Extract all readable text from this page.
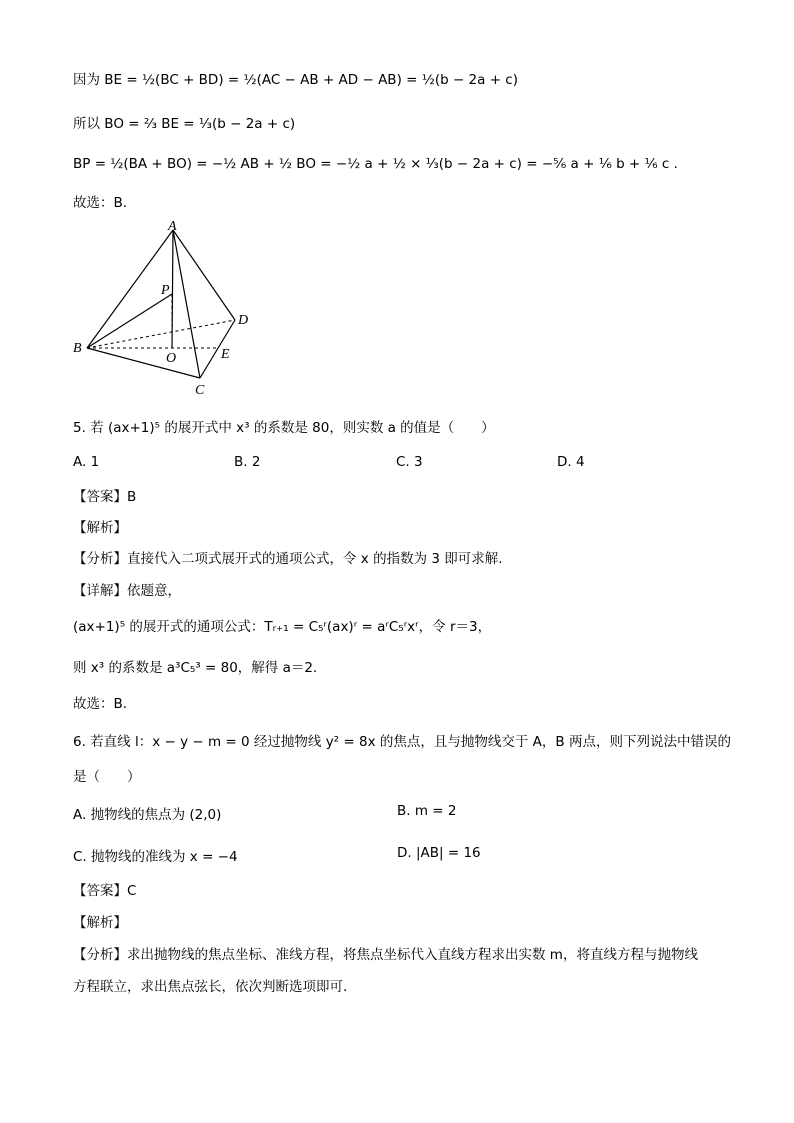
因为 BE = ½(BC + BD) = ½(AC − AB + AD − AB) = ½(b − 2a + c)
所以 BO = ⅔ BE = ⅓(b − 2a + c)
BP = ½(BA + BO) = −½ AB + ½ BO = −½ a + ½ × ⅓(b − 2a + c) = −⅚ a + ⅙ b + ⅙ c .
故选：B.
A
P
D
B
O	E
C
5. 若 (ax+1)⁵ 的展开式中 x³ 的系数是 80，则实数 a 的值是（　　）
A. 1	B. 2	C. 3	D. 4
【答案】B
【解析】
【分析】直接代入二项式展开式的通项公式，令 x 的指数为 3 即可求解.
【详解】依题意，
(ax+1)⁵ 的展开式的通项公式：Tᵣ₊₁ = C₅ʳ(ax)ʳ = aʳC₅ʳxʳ，令 r＝3，
则 x³ 的系数是 a³C₅³ = 80，解得 a＝2.
故选：B.
6. 若直线 l：x − y − m = 0 经过抛物线 y² = 8x 的焦点，且与抛物线交于 A，B 两点，则下列说法中错误的
是（　　）
A. 抛物线的焦点为 (2,0)	B. m = 2
C. 抛物线的准线为 x = −4	D. |AB| = 16
【答案】C
【解析】
【分析】求出抛物线的焦点坐标、准线方程，将焦点坐标代入直线方程求出实数 m，将直线方程与抛物线
方程联立，求出焦点弦长，依次判断选项即可.
